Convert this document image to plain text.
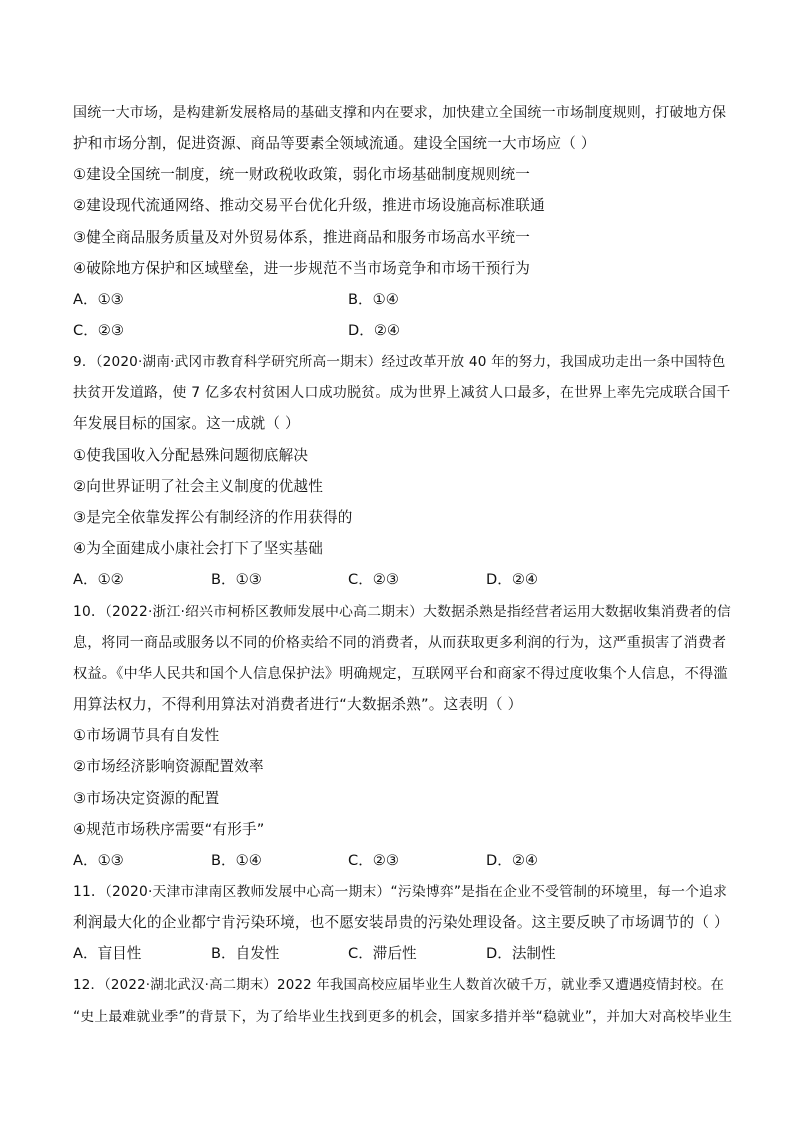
国统一大市场，是构建新发展格局的基础支撑和内在要求，加快建立全国统一市场制度规则，打破地方保
护和市场分割，促进资源、商品等要素全领域流通。建设全国统一大市场应（ ）
①建设全国统一制度，统一财政税收政策，弱化市场基础制度规则统一
②建设现代流通网络、推动交易平台优化升级，推进市场设施高标准联通
③健全商品服务质量及对外贸易体系，推进商品和服务市场高水平统一
④破除地方保护和区域壁垒，进一步规范不当市场竞争和市场干预行为
A．①③	B．①④
C．②③	D．②④
9．（2020·湖南·武冈市教育科学研究所高一期末）经过改革开放 40 年的努力，我国成功走出一条中国特色
扶贫开发道路，使 7 亿多农村贫困人口成功脱贫。成为世界上减贫人口最多，在世界上率先完成联合国千
年发展目标的国家。这一成就（ ）
①使我国收入分配悬殊问题彻底解决
②向世界证明了社会主义制度的优越性
③是完全依靠发挥公有制经济的作用获得的
④为全面建成小康社会打下了坚实基础
A．①②	B．①③	C．②③	D．②④
10．（2022·浙江·绍兴市柯桥区教师发展中心高二期末）大数据杀熟是指经营者运用大数据收集消费者的信
息，将同一商品或服务以不同的价格卖给不同的消费者，从而获取更多利润的行为，这严重损害了消费者
权益。《中华人民共和国个人信息保护法》明确规定，互联网平台和商家不得过度收集个人信息，不得滥
用算法权力，不得利用算法对消费者进行“大数据杀熟”。这表明（ ）
①市场调节具有自发性
②市场经济影响资源配置效率
③市场决定资源的配置
④规范市场秩序需要“有形手”
A．①③	B．①④	C．②③	D．②④
11．（2020·天津市津南区教师发展中心高一期末）“污染博弈”是指在企业不受管制的环境里，每一个追求
利润最大化的企业都宁肯污染环境，也不愿安装昂贵的污染处理设备。这主要反映了市场调节的（ ）
A．盲目性	B．自发性	C．滞后性	D．法制性
12．（2022·湖北武汉·高二期末）2022 年我国高校应届毕业生人数首次破千万，就业季又遭遇疫情封校。在
“史上最难就业季”的背景下，为了给毕业生找到更多的机会，国家多措并举“稳就业”，并加大对高校毕业生
